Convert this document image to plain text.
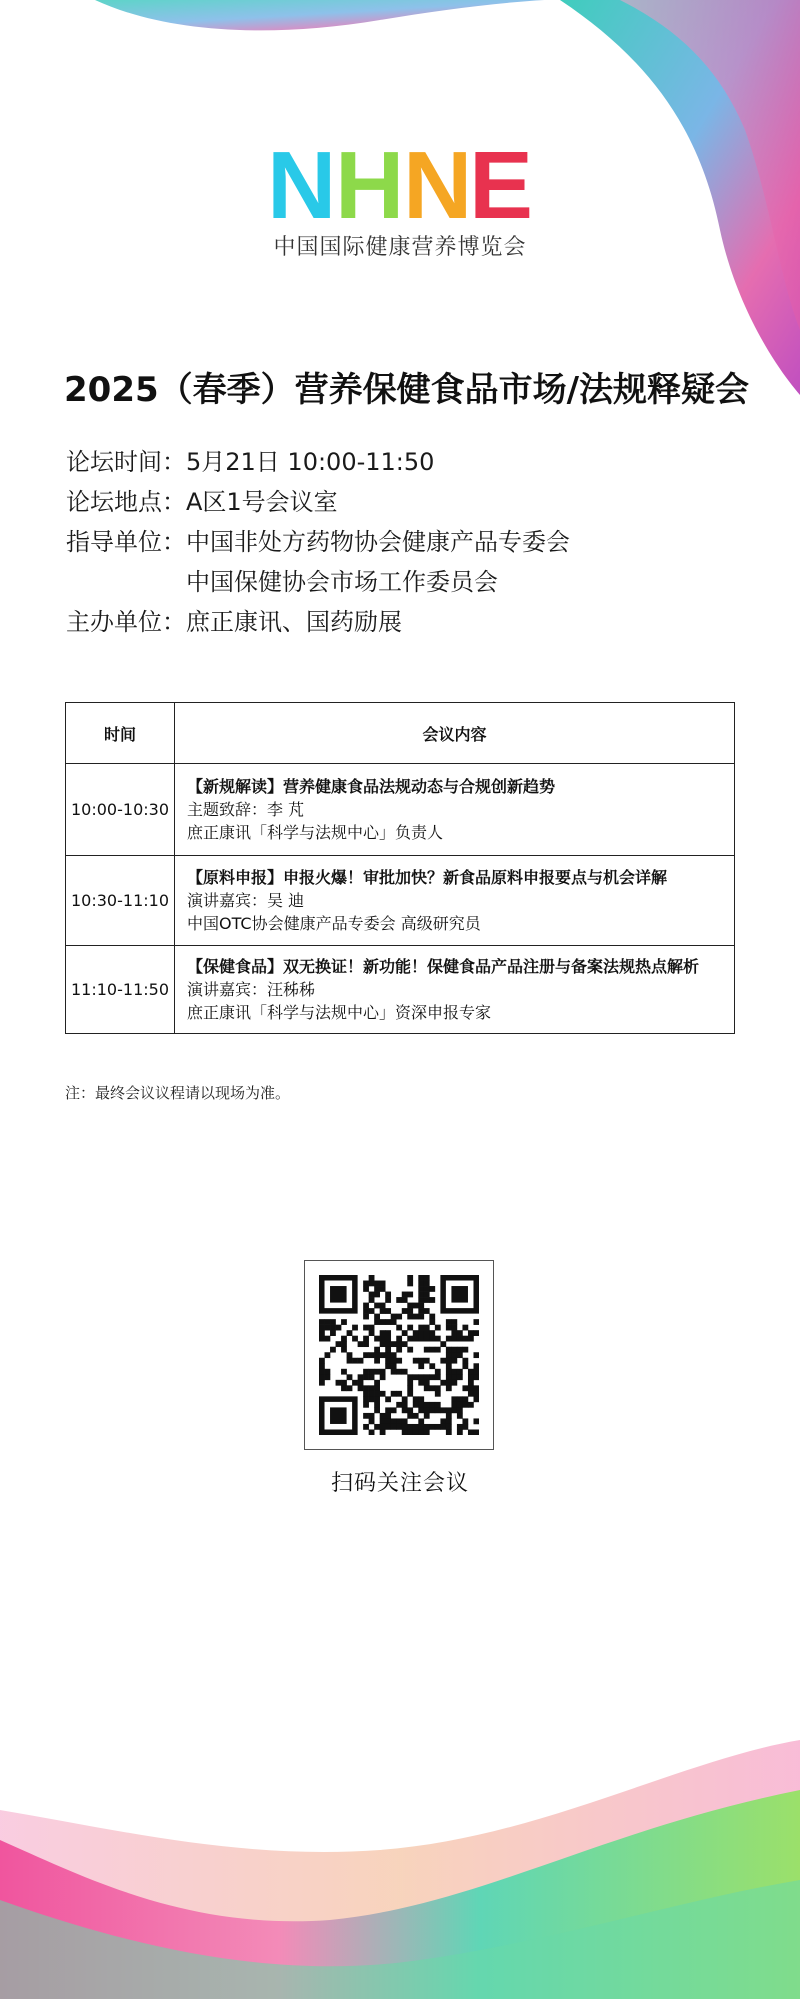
N
H
N
E
中国国际健康营养博览会
2025（春季）营养保健食品市场/法规释疑会
论坛时间： 5月21日 10:00-11:50
论坛地点： A区1号会议室
指导单位： 中国非处方药物协会健康产品专委会
中国保健协会市场工作委员会
主办单位： 庶正康讯、国药励展
时间	会议内容
10:00-10:30	【新规解读】营养健康食品法规动态与合规创新趋势
主题致辞：李 芃
庶正康讯「科学与法规中心」负责人

10:30-11:10	【原料申报】申报火爆！审批加快？新食品原料申报要点与机会详解
演讲嘉宾：吴 迪
中国OTC协会健康产品专委会 高级研究员

11:10-11:50	【保健食品】双无换证！新功能！保健食品产品注册与备案法规热点解析
演讲嘉宾：汪秭秭
庶正康讯「科学与法规中心」资深申报专家
注：最终会议议程请以现场为准。
扫码关注会议
